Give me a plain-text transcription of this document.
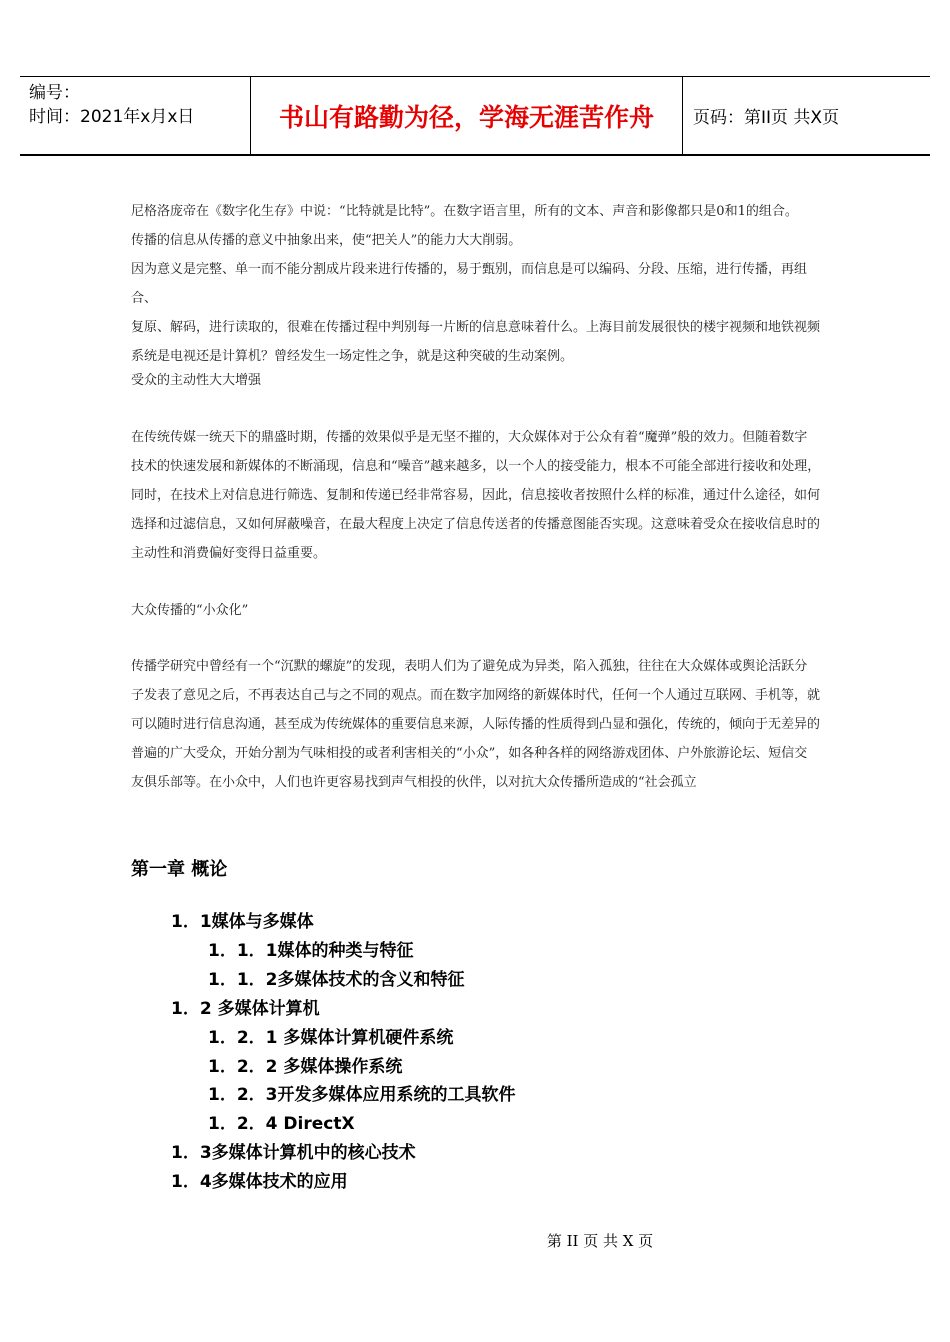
编号：
时间：2021年x月x日	书山有路勤为径，学海无涯苦作舟	页码：第II页 共X页
尼格洛庞帝在《数字化生存》中说：“比特就是比特”。在数字语言里，所有的文本、声音和影像都只是0和1的组合。
传播的信息从传播的意义中抽象出来，使“把关人”的能力大大削弱。
因为意义是完整、单一而不能分割成片段来进行传播的，易于甄别，而信息是可以编码、分段、压缩，进行传播，再组合、
复原、解码，进行读取的，很难在传播过程中判别每一片断的信息意味着什么。上海目前发展很快的楼宇视频和地铁视频
系统是电视还是计算机？曾经发生一场定性之争，就是这种突破的生动案例。
受众的主动性大大增强
在传统传媒一统天下的鼎盛时期，传播的效果似乎是无坚不摧的，大众媒体对于公众有着“魔弹”般的效力。但随着数字
技术的快速发展和新媒体的不断涌现，信息和“噪音”越来越多，以一个人的接受能力，根本不可能全部进行接收和处理，
同时，在技术上对信息进行筛选、复制和传递已经非常容易，因此，信息接收者按照什么样的标准，通过什么途径，如何
选择和过滤信息，又如何屏蔽噪音，在最大程度上决定了信息传送者的传播意图能否实现。这意味着受众在接收信息时的
主动性和消费偏好变得日益重要。
大众传播的“小众化”
传播学研究中曾经有一个“沉默的螺旋”的发现，表明人们为了避免成为异类，陷入孤独，往往在大众媒体或舆论活跃分
子发表了意见之后，不再表达自己与之不同的观点。而在数字加网络的新媒体时代，任何一个人通过互联网、手机等，就
可以随时进行信息沟通，甚至成为传统媒体的重要信息来源，人际传播的性质得到凸显和强化，传统的，倾向于无差异的
普遍的广大受众，开始分割为气味相投的或者利害相关的“小众”，如各种各样的网络游戏团体、户外旅游论坛、短信交
友俱乐部等。在小众中，人们也许更容易找到声气相投的伙伴，以对抗大众传播所造成的“社会孤立
第一章 概论
1．1媒体与多媒体
1．1．1媒体的种类与特征
1．1．2多媒体技术的含义和特征
1．2 多媒体计算机
1．2．1 多媒体计算机硬件系统
1．2．2 多媒体操作系统
1．2．3开发多媒体应用系统的工具软件
1．2．4 DirectX
1．3多媒体计算机中的核心技术
1．4多媒体技术的应用
第 II 页 共 X 页
